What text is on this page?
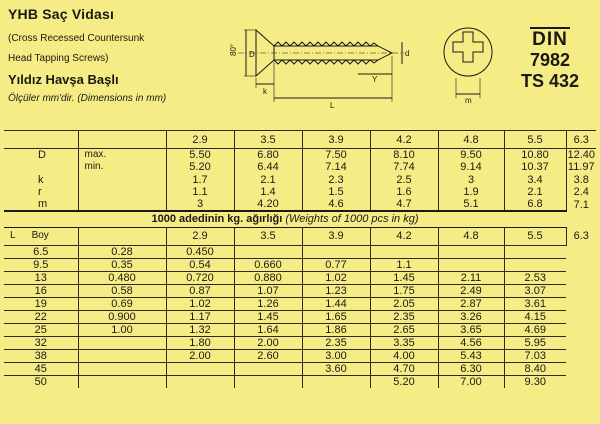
YHB Saç Vidası
(Cross Recessed Countersunk
Head Tapping Screws)
Yıldız Havşa Başlı
Ölçüler mm'dir. (Dimensions in mm)
80° D	d
k
Y
L
m
DIN
7982
TS 432
		2.9	3.5	3.9	4.2	4.8	5.5	6.3
D	max.	5.50	6.80	7.50	8.10	9.50	10.80	12.40
	min.	5.20	6.44	7.14	7.74	9.14	10.37	11.97
k		1.7	2.1	2.3	2.5	3	3.4	3.8
r		1.1	1.4	1.5	1.6	1.9	2.1	2.4
m		3	4.20	4.6	4.7	5.1	6.8	7.1
1000 adedinin kg. ağırlığı (Weights of 1000 pcs in kg)								
L Boy		2.9	3.5	3.9	4.2	4.8	5.5	6.3
6.5	0.28	0.450						
9.5	0.35	0.54	0.660	0.77	1.1			
13	0.480	0.720	0.880	1.02	1.45	2.11	2.53	
16	0.58	0.87	1.07	1.23	1.75	2.49	3.07	
19	0.69	1.02	1.26	1.44	2.05	2.87	3.61	
22	0.900	1.17	1.45	1.65	2.35	3.26	4.15	
25	1.00	1.32	1.64	1.86	2.65	3.65	4.69	
32		1.80	2.00	2.35	3.35	4.56	5.95	
38		2.00	2.60	3.00	4.00	5.43	7.03	
45				3.60	4.70	6.30	8.40	
50					5.20	7.00	9.30	
